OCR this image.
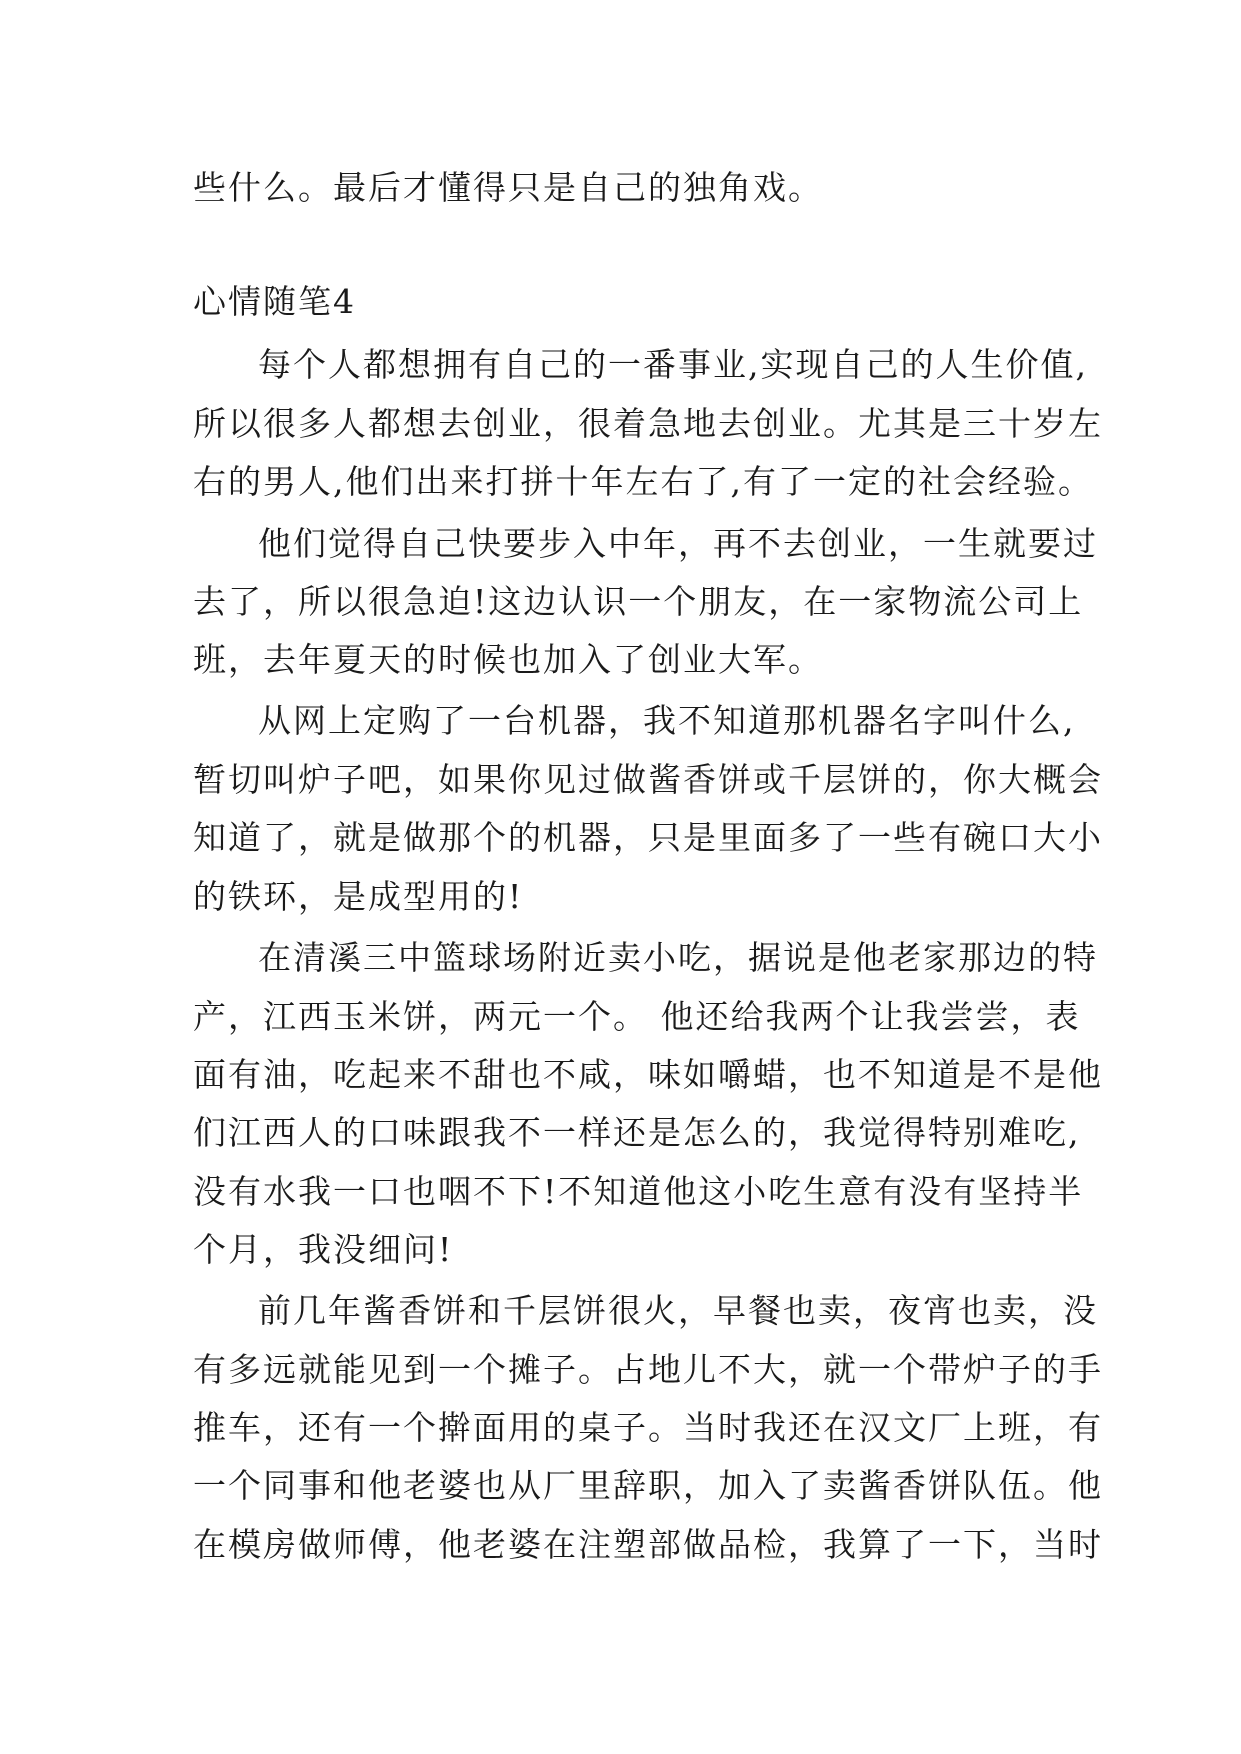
些什么。最后才懂得只是自己的独角戏。
心情随笔4
每个人都想拥有自己的一番事业,实现自己的人生价值,
所以很多人都想去创业，很着急地去创业。尤其是三十岁左
右的男人,他们出来打拼十年左右了,有了一定的社会经验。
他们觉得自己快要步入中年，再不去创业，一生就要过
去了，所以很急迫!这边认识一个朋友，在一家物流公司上
班，去年夏天的时候也加入了创业大军。
从网上定购了一台机器，我不知道那机器名字叫什么,
暂切叫炉子吧，如果你见过做酱香饼或千层饼的，你大概会
知道了，就是做那个的机器，只是里面多了一些有碗口大小
的铁环，是成型用的!
在清溪三中篮球场附近卖小吃，据说是他老家那边的特
产，江西玉米饼，两元一个。 他还给我两个让我尝尝，表
面有油，吃起来不甜也不咸，味如嚼蜡，也不知道是不是他
们江西人的口味跟我不一样还是怎么的，我觉得特别难吃,
没有水我一口也咽不下!不知道他这小吃生意有没有坚持半
个月，我没细问!
前几年酱香饼和千层饼很火，早餐也卖，夜宵也卖，没
有多远就能见到一个摊子。占地儿不大，就一个带炉子的手
推车，还有一个擀面用的桌子。当时我还在汉文厂上班，有
一个同事和他老婆也从厂里辞职，加入了卖酱香饼队伍。他
在模房做师傅，他老婆在注塑部做品检，我算了一下，当时
